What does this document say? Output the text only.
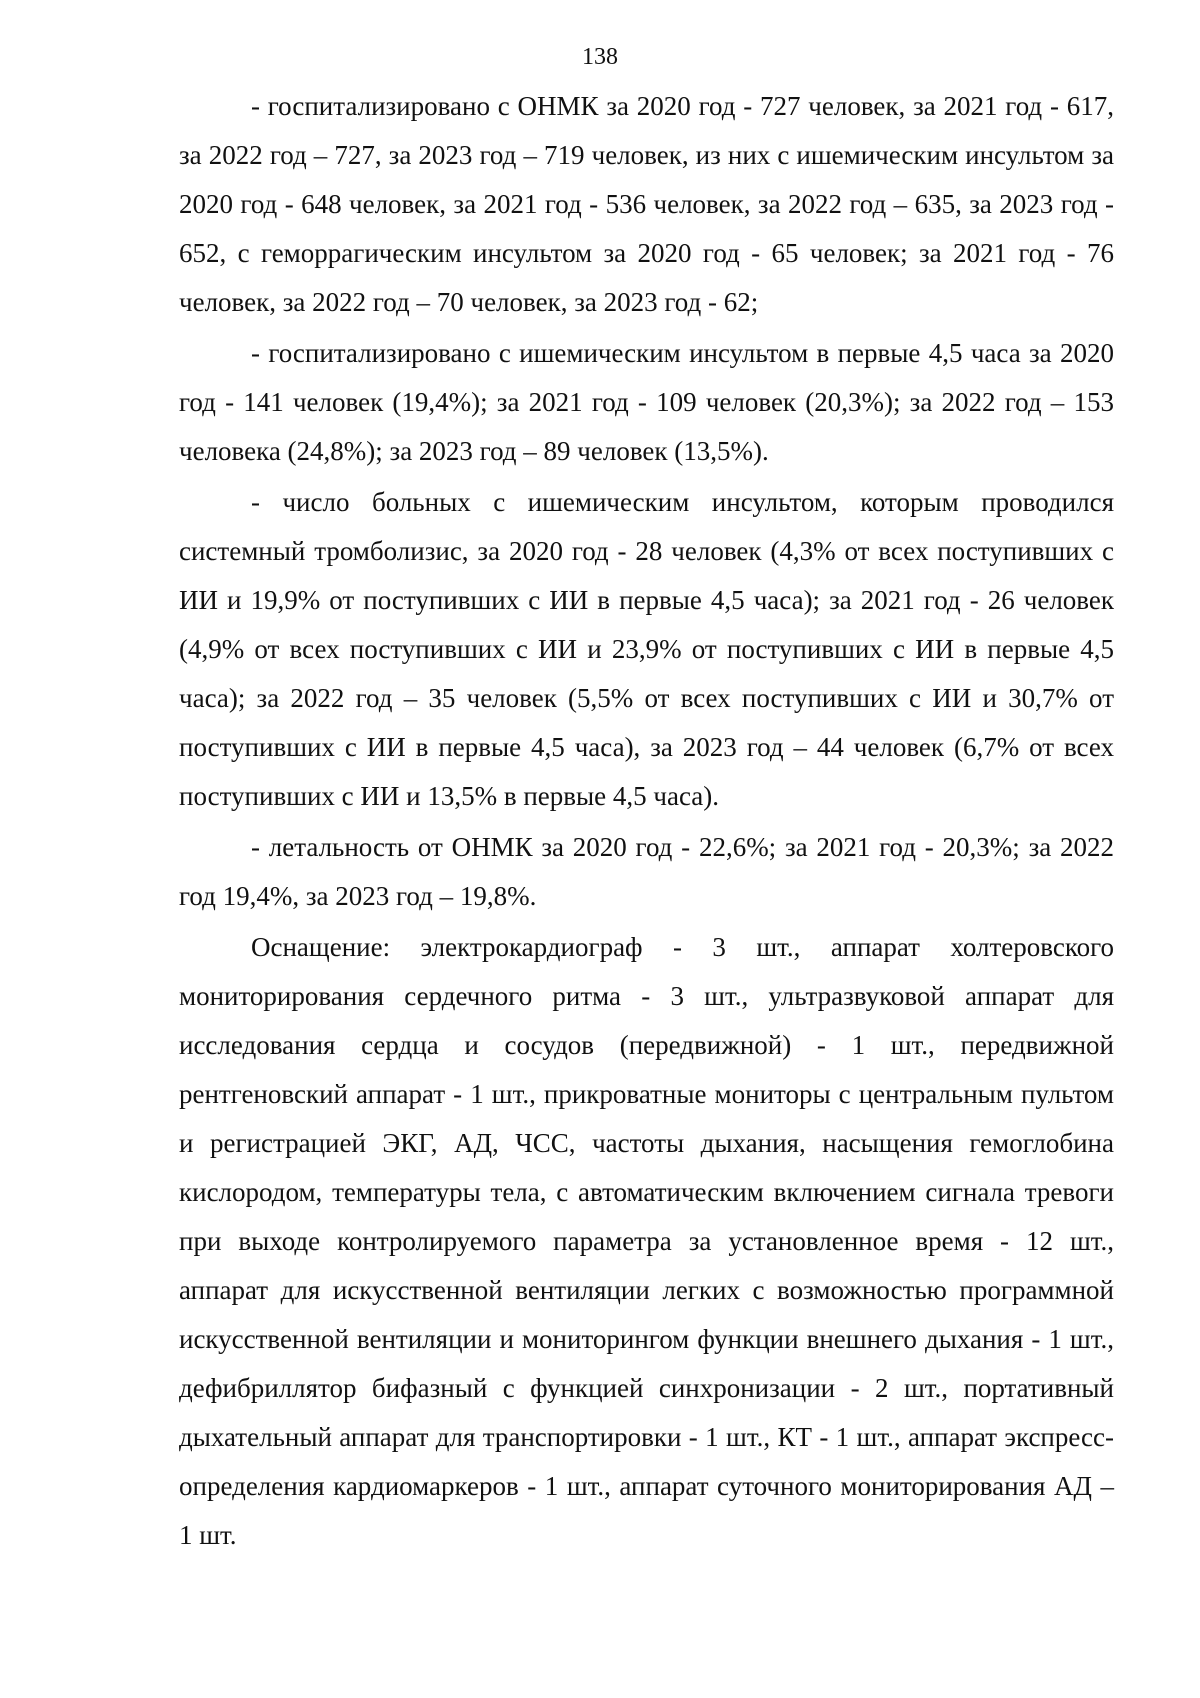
138

- госпитализировано с ОНМК за 2020 год - 727 человек, за 2021 год - 617, за 2022 год – 727, за 2023 год – 719 человек, из них с ишемическим инсультом за 2020 год - 648 человек, за 2021 год - 536 человек, за 2022 год – 635, за 2023 год - 652, с геморрагическим инсультом за 2020 год - 65 человек; за 2021 год - 76 человек, за 2022 год – 70 человек, за 2023 год - 62;

- госпитализировано с ишемическим инсультом в первые 4,5 часа за 2020 год - 141 человек (19,4%); за 2021 год - 109 человек (20,3%); за 2022 год – 153 человека (24,8%); за 2023 год – 89 человек (13,5%).

- число больных с ишемическим инсультом, которым проводился системный тромболизис, за 2020 год - 28 человек (4,3% от всех поступивших с ИИ и 19,9% от поступивших с ИИ в первые 4,5 часа); за 2021 год - 26 человек (4,9% от всех поступивших с ИИ и 23,9% от поступивших с ИИ в первые 4,5 часа); за 2022 год – 35 человек (5,5% от всех поступивших с ИИ и 30,7% от поступивших с ИИ в первые 4,5 часа), за 2023 год – 44 человек (6,7% от всех поступивших с ИИ и 13,5% в первые 4,5 часа).

- летальность от ОНМК за 2020 год - 22,6%; за 2021 год - 20,3%; за 2022 год 19,4%, за 2023 год – 19,8%.

Оснащение: электрокардиограф - 3 шт., аппарат холтеровского мониторирования сердечного ритма - 3 шт., ультразвуковой аппарат для исследования сердца и сосудов (передвижной) - 1 шт., передвижной рентгеновский аппарат - 1 шт., прикроватные мониторы с центральным пультом и регистрацией ЭКГ, АД, ЧСС, частоты дыхания, насыщения гемоглобина кислородом, температуры тела, с автоматическим включением сигнала тревоги при выходе контролируемого параметра за установленное время - 12 шт., аппарат для искусственной вентиляции легких с возможностью программной искусственной вентиляции и мониторингом функции внешнего дыхания - 1 шт., дефибриллятор бифазный с функцией синхронизации - 2 шт., портативный дыхательный аппарат для транспортировки - 1 шт., КТ - 1 шт., аппарат экспресс-определения кардиомаркеров - 1 шт., аппарат суточного мониторирования АД – 1 шт.
